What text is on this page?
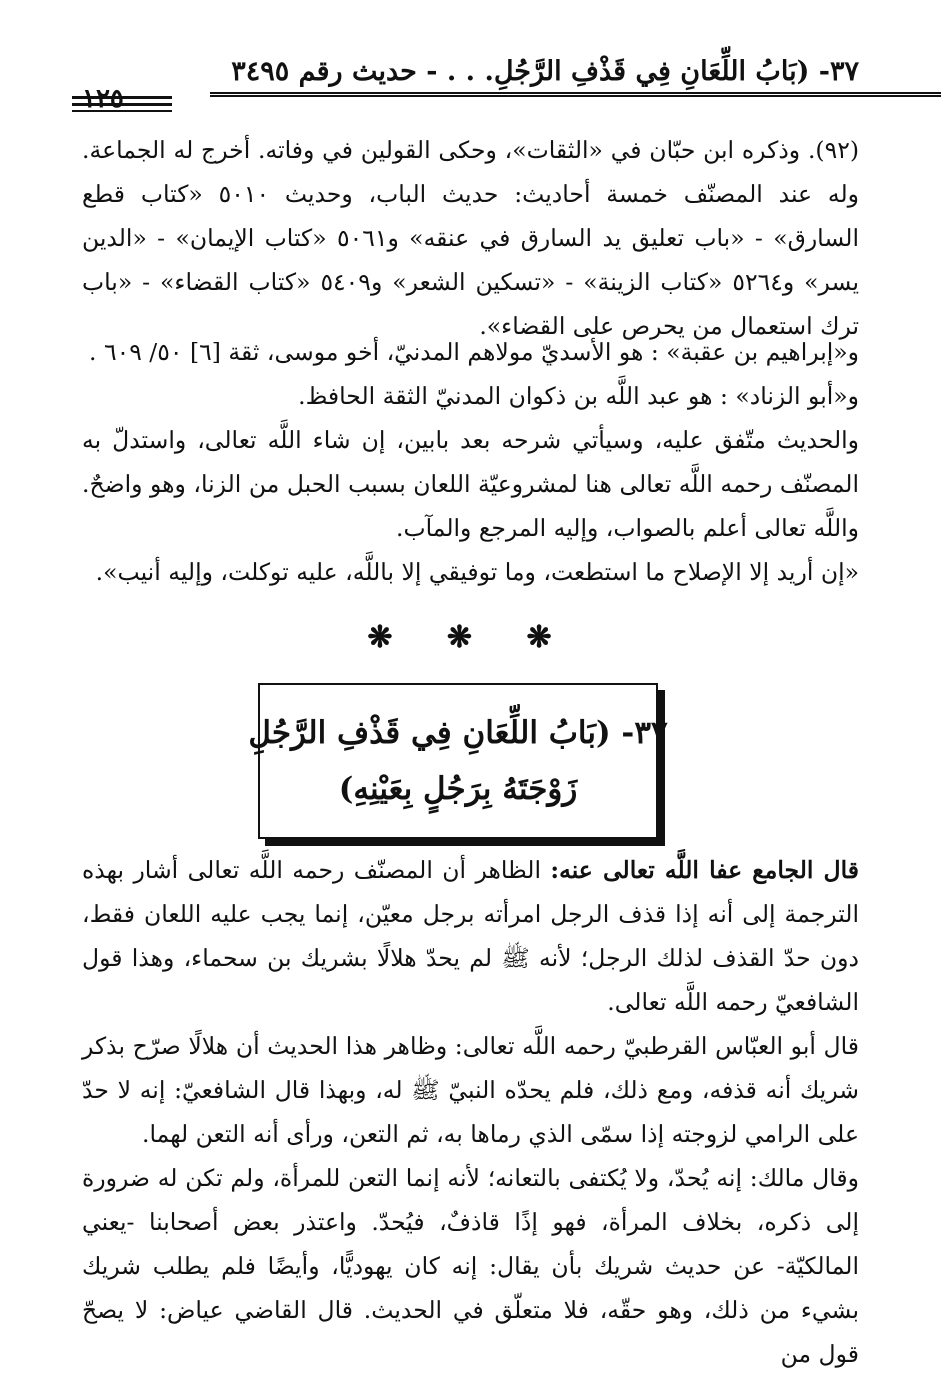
٣٧- (بَابُ اللِّعَانِ فِي قَذْفِ الرَّجُلِ. . . - حديث رقم ٣٤٩٥
١٢٥

(٩٢). وذكره ابن حبّان في «الثقات»، وحكى القولين في وفاته. أخرج له الجماعة. وله عند المصنّف خمسة أحاديث: حديث الباب، وحديث ٥٠١٠ «كتاب قطع السارق» - «باب تعليق يد السارق في عنقه» و٥٠٦١ «كتاب الإيمان» - «الدين يسر» و٥٢٦٤ «كتاب الزينة» - «تسكين الشعر» و٥٤٠٩ «كتاب القضاء» - «باب ترك استعمال من يحرص على القضاء».

و«إبراهيم بن عقبة» : هو الأسديّ مولاهم المدنيّ، أخو موسى، ثقة [٦] ٥٠/ ٦٠٩ .

و«أبو الزناد» : هو عبد اللَّه بن ذكوان المدنيّ الثقة الحافظ.

والحديث متّفق عليه، وسيأتي شرحه بعد بابين، إن شاء اللَّه تعالى، واستدلّ به المصنّف رحمه اللَّه تعالى هنا لمشروعيّة اللعان بسبب الحبل من الزنا، وهو واضحٌ. واللَّه تعالى أعلم بالصواب، وإليه المرجع والمآب.

«إن أريد إلا الإصلاح ما استطعت، وما توفيقي إلا باللَّه، عليه توكلت، وإليه أنيب».

❋ ❋ ❋
٣٧- (بَابُ اللِّعَانِ فِي قَذْفِ الرَّجُلِ
زَوْجَتَهُ بِرَجُلٍ بِعَيْنِهِ)

قال الجامع عفا اللَّه تعالى عنه: الظاهر أن المصنّف رحمه اللَّه تعالى أشار بهذه الترجمة إلى أنه إذا قذف الرجل امرأته برجل معيّن، إنما يجب عليه اللعان فقط، دون حدّ القذف لذلك الرجل؛ لأنه ﷺ لم يحدّ هلالًا بشريك بن سحماء، وهذا قول الشافعيّ رحمه اللَّه تعالى.

قال أبو العبّاس القرطبيّ رحمه اللَّه تعالى: وظاهر هذا الحديث أن هلالًا صرّح بذكر شريك أنه قذفه، ومع ذلك، فلم يحدّه النبيّ ﷺ له، وبهذا قال الشافعيّ: إنه لا حدّ على الرامي لزوجته إذا سمّى الذي رماها به، ثم التعن، ورأى أنه التعن لهما.

وقال مالك: إنه يُحدّ، ولا يُكتفى بالتعانه؛ لأنه إنما التعن للمرأة، ولم تكن له ضرورة إلى ذكره، بخلاف المرأة، فهو إذًا قاذفٌ، فيُحدّ. واعتذر بعض أصحابنا -يعني المالكيّة- عن حديث شريك بأن يقال: إنه كان يهوديًّا، وأيضًا فلم يطلب شريك بشيء من ذلك، وهو حقّه، فلا متعلّق في الحديث. قال القاضي عياض: لا يصحّ قول من
